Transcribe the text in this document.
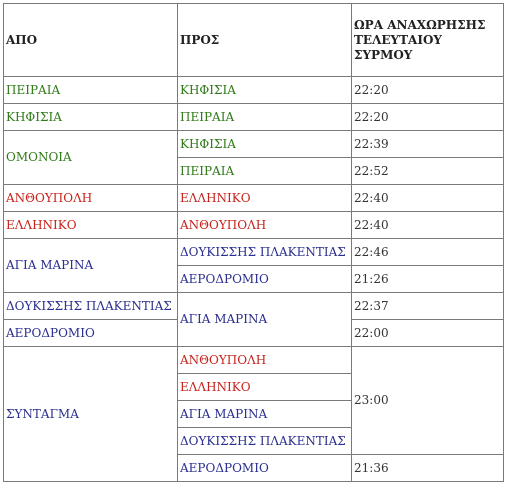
ΑΠΟ	ΠΡΟΣ	ΩΡΑ ΑΝΑΧΩΡΗΣΗΣ
ΤΕΛΕΥΤΑΙΟΥ
ΣΥΡΜΟΥ

ΠΕΙΡΑΙΑ	ΚΗΦΙΣΙΑ	22:20
ΚΗΦΙΣΙΑ	ΠΕΙΡΑΙΑ	22:20
ΟΜΟΝΟΙΑ	ΚΗΦΙΣΙΑ	22:39
	ΠΕΙΡΑΙΑ	22:52
ΑΝΘΟΥΠΟΛΗ	ΕΛΛΗΝΙΚΟ	22:40
ΕΛΛΗΝΙΚΟ	ΑΝΘΟΥΠΟΛΗ	22:40
ΑΓΙΑ ΜΑΡΙΝΑ	ΔΟΥΚΙΣΣΗΣ ΠΛΑΚΕΝΤΙΑΣ	22:46
	ΑΕΡΟΔΡΟΜΙΟ	21:26
ΔΟΥΚΙΣΣΗΣ ΠΛΑΚΕΝΤΙΑΣ	ΑΓΙΑ ΜΑΡΙΝΑ	22:37
ΑΕΡΟΔΡΟΜΙΟ		22:00
ΣΥΝΤΑΓΜΑ	ΑΝΘΟΥΠΟΛΗ	23:00
	ΕΛΛΗΝΙΚΟ	
	ΑΓΙΑ ΜΑΡΙΝΑ	
	ΔΟΥΚΙΣΣΗΣ ΠΛΑΚΕΝΤΙΑΣ	
	ΑΕΡΟΔΡΟΜΙΟ	21:36
